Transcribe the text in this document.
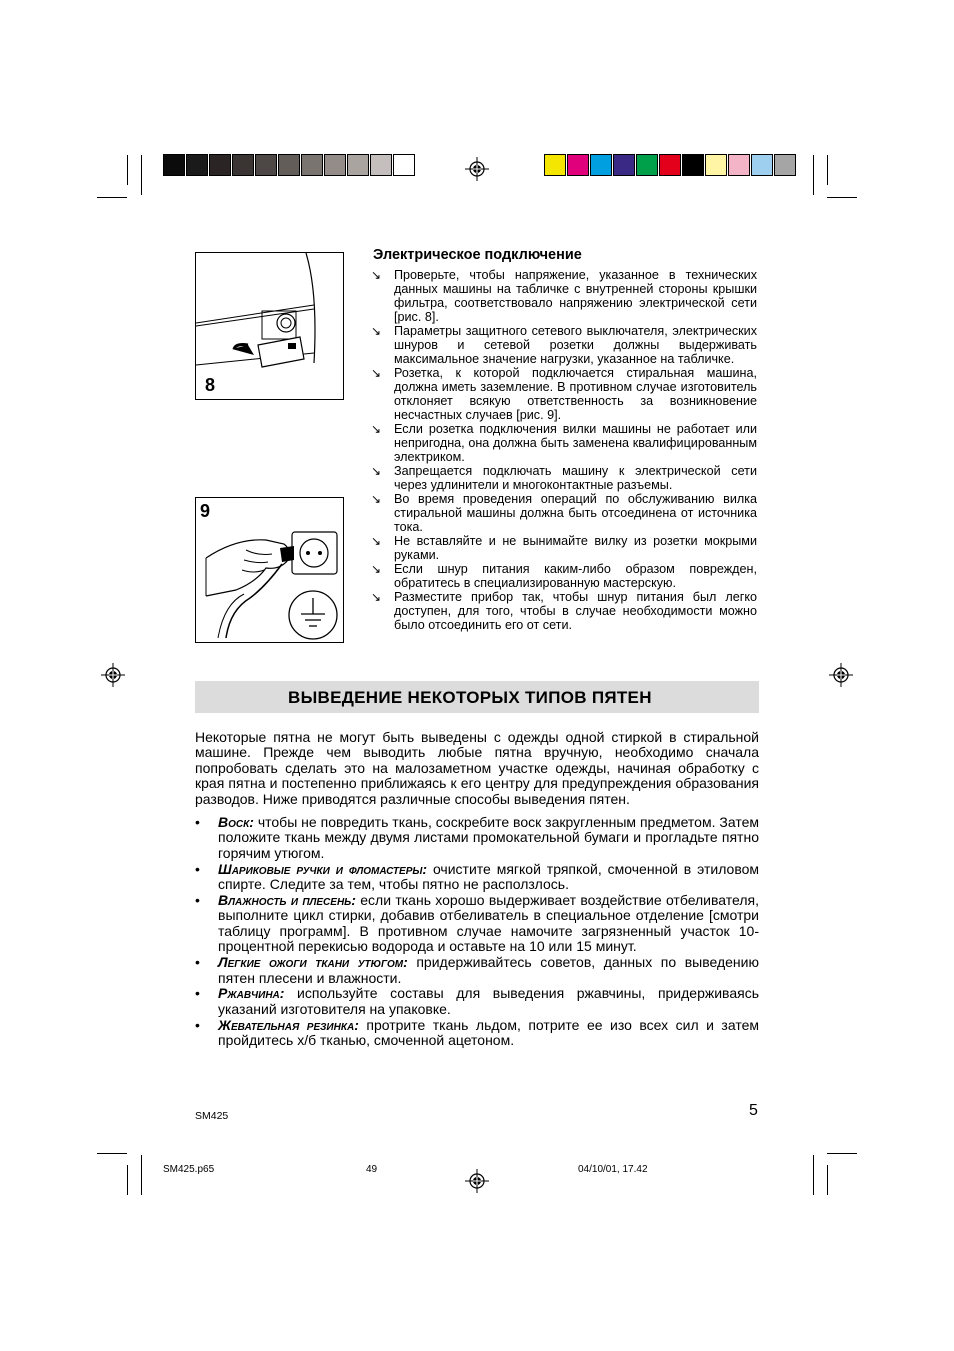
8
9
Электрическое подключение
↘ Проверьте, чтобы напряжение, указанное в технических данных машины на табличке с внутренней стороны крышки фильтра, соответствовало напряжению электрической сети [рис. 8].
↘ Параметры защитного сетевого выключателя, электрических шнуров и сетевой розетки должны выдерживать максимальное значение нагрузки, указанное на табличке.
↘ Розетка, к которой подключается стиральная машина, должна иметь заземление. В противном случае изготовитель отклоняет всякую ответственность за возникновение несчастных случаев [рис. 9].
↘ Если розетка подключения вилки машины не работает или непригодна, она должна быть заменена квалифицированным электриком.
↘ Запрещается подключать машину к электрической сети через удлинители и многоконтактные разъемы.
↘ Во время проведения операций по обслуживанию вилка стиральной машины должна быть отсоединена от источника тока.
↘ Не вставляйте и не вынимайте вилку из розетки мокрыми руками.
↘ Если шнур питания каким-либо образом поврежден, обратитесь в специализированную мастерскую.
↘ Разместите прибор так, чтобы шнур питания был легко доступен, для того, чтобы в случае необходимости можно было отсоединить его от сети.
ВЫВЕДЕНИЕ НЕКОТОРЫХ ТИПОВ ПЯТЕН
Некоторые пятна не могут быть выведены с одежды одной стиркой в стиральной машине. Прежде чем выводить любые пятна вручную, необходимо сначала попробовать сделать это на малозаметном участке одежды, начиная обработку с края пятна и постепенно приближаясь к его центру для предупреждения образования разводов. Ниже приводятся различные способы выведения пятен.
• Воск: чтобы не повредить ткань, соскребите воск закругленным предметом. Затем положите ткань между двумя листами промокательной бумаги и прогладьте пятно горячим утюгом.
• Шариковые ручки и фломастеры: очистите мягкой тряпкой, смоченной в этиловом спирте. Следите за тем, чтобы пятно не расползлось.
• Влажность и плесень: если ткань хорошо выдерживает воздействие отбеливателя, выполните цикл стирки, добавив отбеливатель в специальное отделение [смотри таблицу программ]. В противном случае намочите загрязненный участок 10-процентной перекисью водорода и оставьте на 10 или 15 минут.
• Легкие ожоги ткани утюгом: придерживайтесь советов, данных по выведению пятен плесени и влажности.
• Ржавчина: используйте составы для выведения ржавчины, придерживаясь указаний изготовителя на упаковке.
• Жевательная резинка: протрите ткань льдом, потрите ее изо всех сил и затем пройдитесь х/б тканью, смоченной ацетоном.
SM425	5
SM425.p65	49	04/10/01, 17.42
